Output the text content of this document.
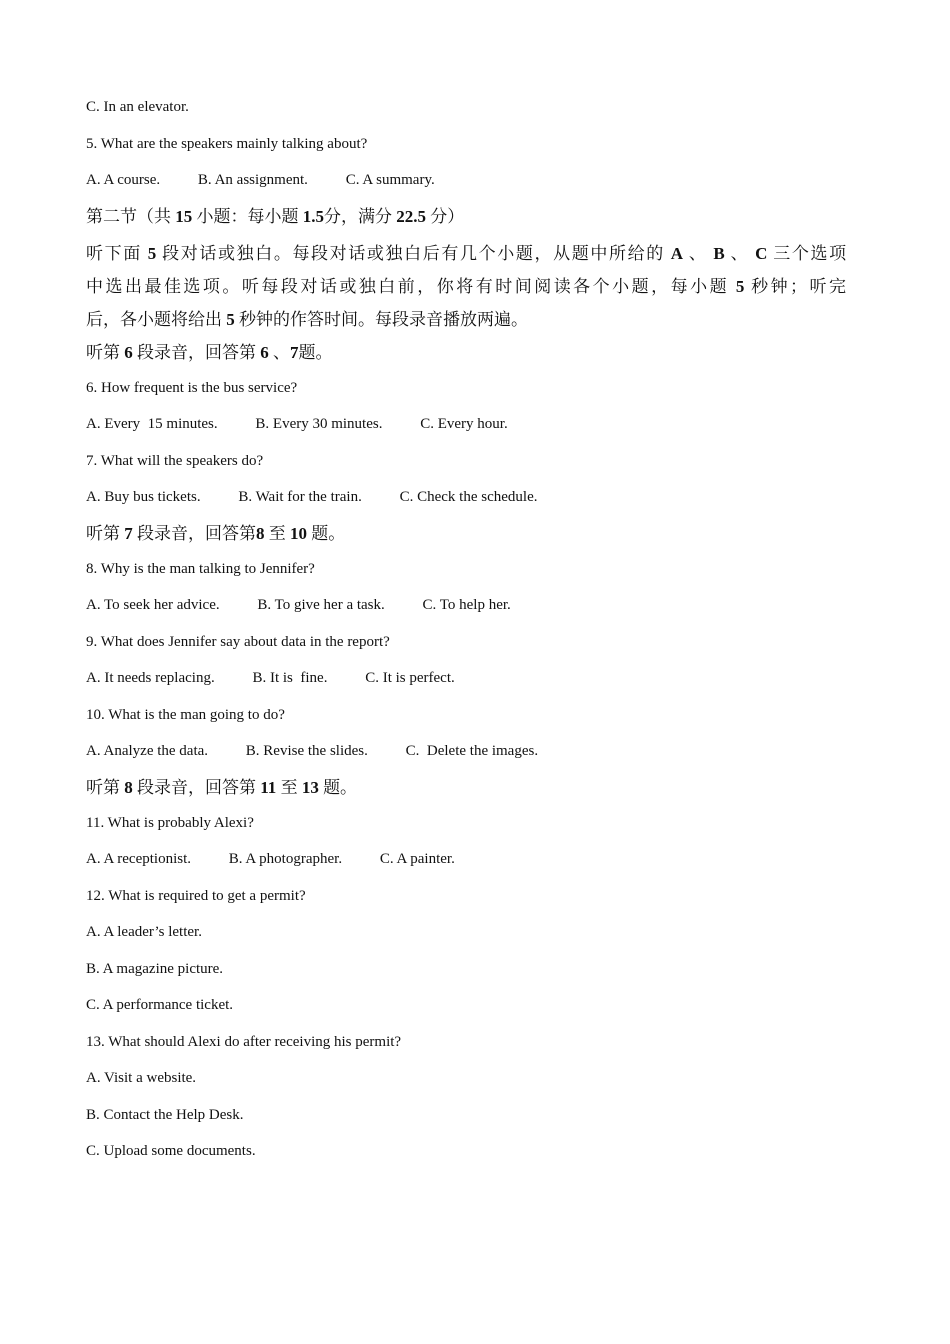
C. In an elevator.
5. What are the speakers mainly talking about?
A. A course.	B. An assignment.	C. A summary.
第二节（共 15 小题：每小题 1.5分，满分 22.5 分）
听下面 5 段对话或独白。每段对话或独白后有几个小题，从题中所给的 A 、 B 、 C 三个选项
中选出最佳选项。听每段对话或独白前，你将有时间阅读各个小题，每小题 5 秒钟；听完
后，各小题将给出 5 秒钟的作答时间。每段录音播放两遍。
听第 6 段录音，回答第 6 、7题。
6. How frequent is the bus service?
A. Every  15 minutes.	B. Every 30 minutes.	C. Every hour.
7. What will the speakers do?
A. Buy bus tickets.	B. Wait for the train.	C. Check the schedule.
听第 7 段录音，回答第8 至 10 题。
8. Why is the man talking to Jennifer?
A. To seek her advice.	B. To give her a task.	C. To help her.
9. What does Jennifer say about data in the report?
A. It needs replacing.	B. It is  fine.	C. It is perfect.
10. What is the man going to do?
A. Analyze the data.	B. Revise the slides.	C.  Delete the images.
听第 8 段录音，回答第 11 至 13 题。
11. What is probably Alexi?
A. A receptionist.	B. A photographer.	C. A painter.
12. What is required to get a permit?
A. A leader’s letter.
B. A magazine picture.
C. A performance ticket.
13. What should Alexi do after receiving his permit?
A. Visit a website.
B. Contact the Help Desk.
C. Upload some documents.
